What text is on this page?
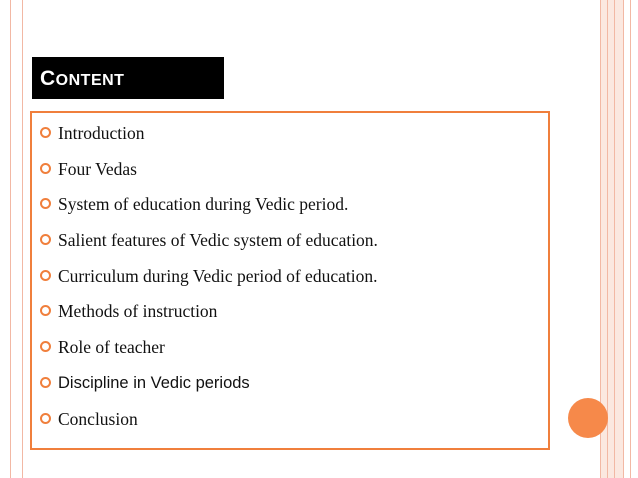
CONTENT
Introduction
Four Vedas
System of education during Vedic period.
Salient features of Vedic system of education.
Curriculum during Vedic period of education.
Methods of instruction
Role of teacher
Discipline in Vedic periods
Conclusion
